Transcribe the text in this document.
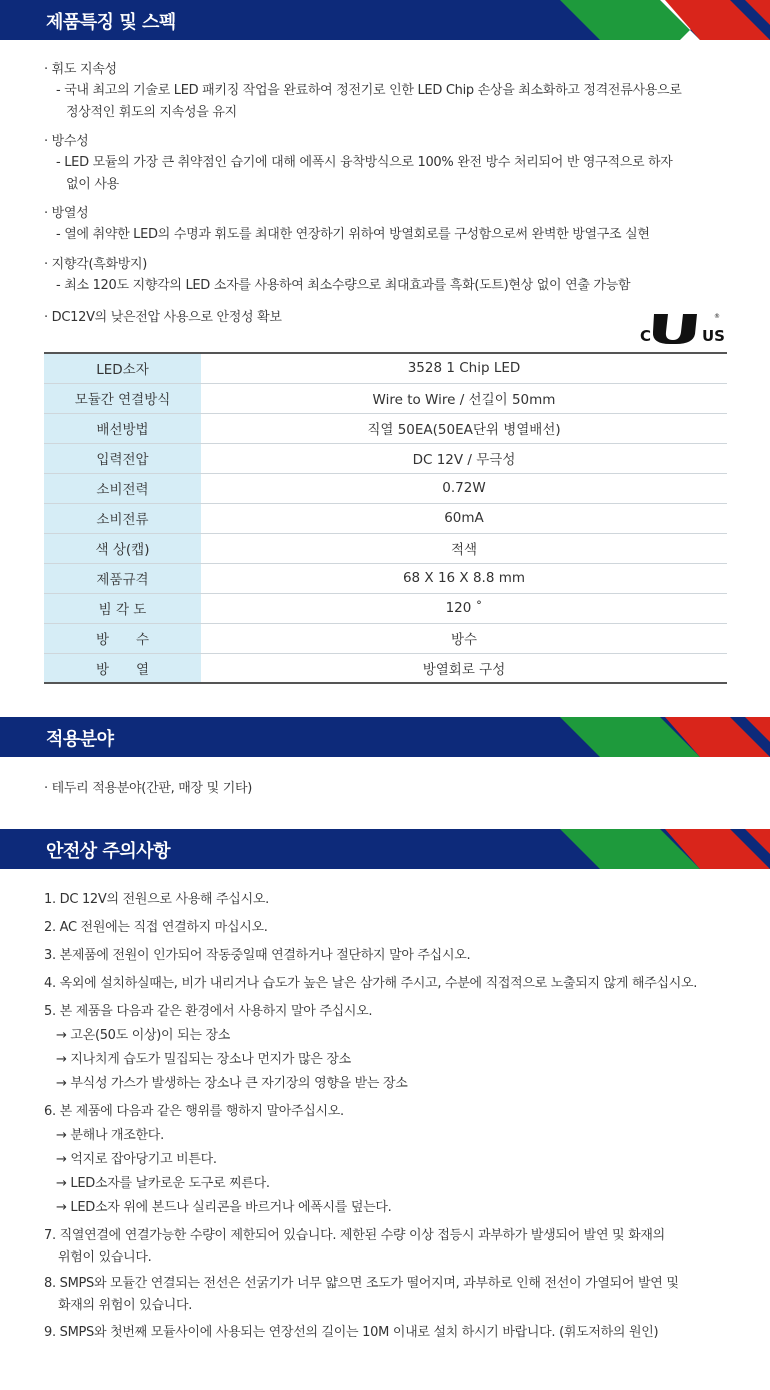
제품특징 및 스펙
· 휘도 지속성
- 국내 최고의 기술로 LED 패키징 작업을 완료하여 정전기로 인한 LED Chip 손상을 최소화하고 정격전류사용으로
정상적인 휘도의 지속성을 유지
· 방수성
- LED 모듈의 가장 큰 취약점인 습기에 대해 에폭시 융착방식으로 100% 완전 방수 처리되어 반 영구적으로 하자
없이 사용
· 방열성
- 열에 취약한 LED의 수명과 휘도를 최대한 연장하기 위하여 방열회로를 구성함으로써 완벽한 방열구조 실현
· 지향각(흑화방지)
- 최소 120도 지향각의 LED 소자를 사용하여 최소수량으로 최대효과를 흑화(도트)현상 없이 연출 가능함
· DC12V의 낮은전압 사용으로 안정성 확보
C	US
®
LED소자	3528 1 Chip LED
모듈간 연결방식	Wire to Wire / 선길이 50mm
배선방법	직열 50EA(50EA단위 병열배선)
입력전압	DC 12V / 무극성
소비전력	0.72W
소비전류	60mA
색 상(캡)	적색
제품규격	68 X 16 X 8.8 mm
빔 각 도	120 ˚
방　　수	방수
방　　열	방열회로 구성
적용분야
· 테두리 적용분야(간판, 매장 및 기타)
안전상 주의사항
1. DC 12V의 전원으로 사용해 주십시오.
2. AC 전원에는 직접 연결하지 마십시오.
3. 본제품에 전원이 인가되어 작동중일때 연결하거나 절단하지 말아 주십시오.
4. 옥외에 설치하실때는, 비가 내리거나 습도가 높은 날은 삼가해 주시고, 수분에 직접적으로 노출되지 않게 해주십시오.
5. 본 제품을 다음과 같은 환경에서 사용하지 말아 주십시오.
→ 고온(50도 이상)이 되는 장소
→ 지나치게 습도가 밀집되는 장소나 먼지가 많은 장소
→ 부식성 가스가 발생하는 장소나 큰 자기장의 영향을 받는 장소
6. 본 제품에 다음과 같은 행위를 행하지 말아주십시오.
→ 분해나 개조한다.
→ 억지로 잡아당기고 비튼다.
→ LED소자를 날카로운 도구로 찌른다.
→ LED소자 위에 본드나 실리콘을 바르거나 에폭시를 덮는다.
7. 직열연결에 연결가능한 수량이 제한되어 있습니다. 제한된 수량 이상 접등시 과부하가 발생되어 발연 및 화재의
위험이 있습니다.
8. SMPS와 모듈간 연결되는 전선은 선굵기가 너무 얇으면 조도가 떨어지며, 과부하로 인해 전선이 가열되어 발연 및
화재의 위험이 있습니다.
9. SMPS와 첫번째 모듈사이에 사용되는 연장선의 길이는 10M 이내로 설치 하시기 바랍니다. (휘도저하의 원인)
